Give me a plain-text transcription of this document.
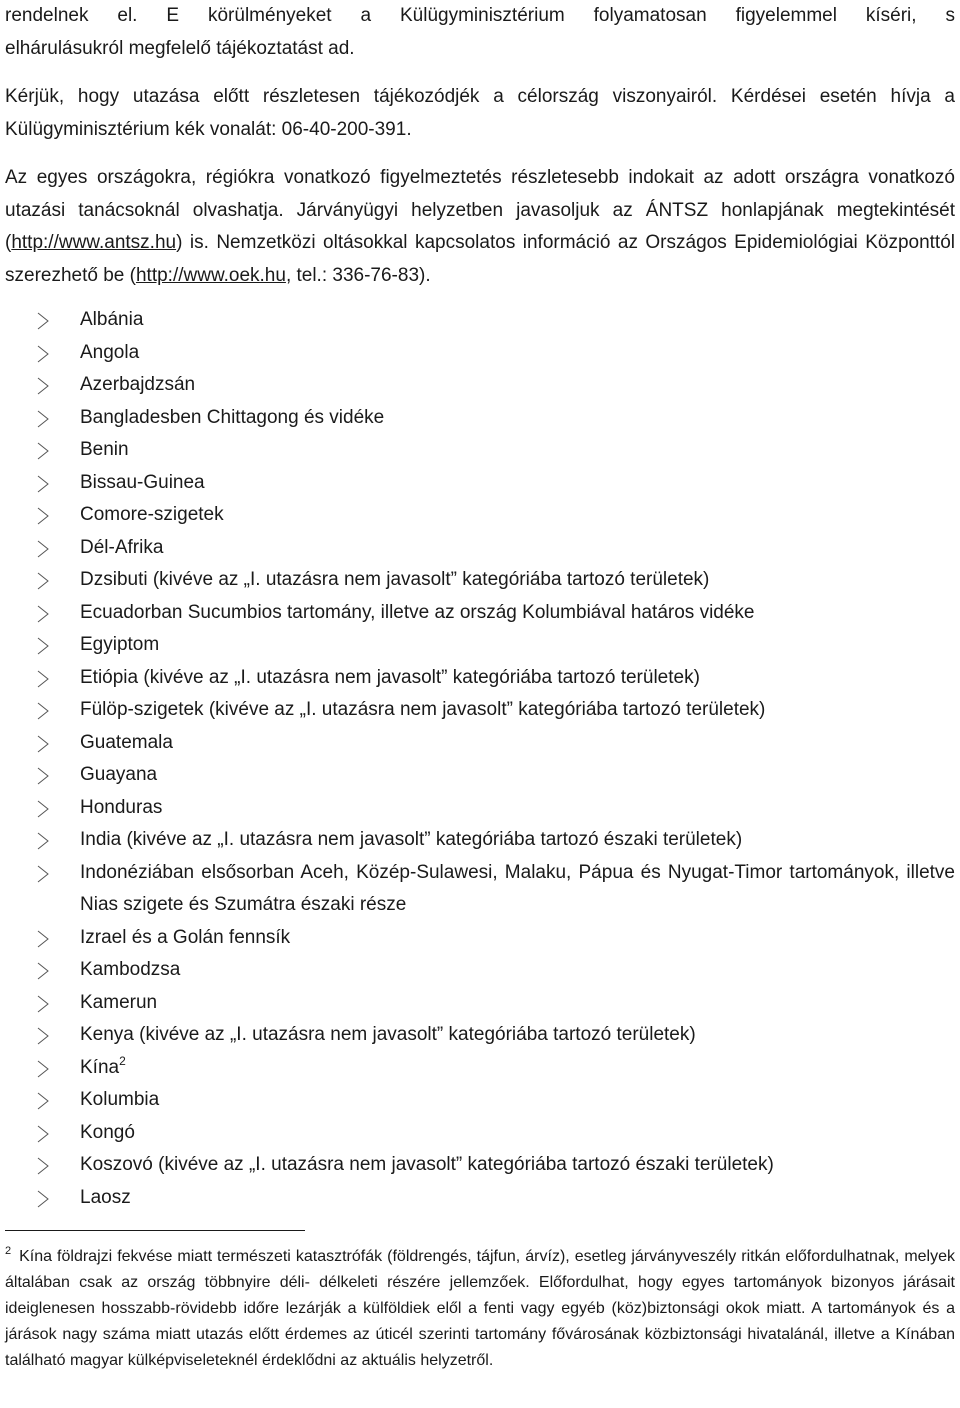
rendelnek el. E körülményeket a Külügyminisztérium folyamatosan figyelemmel kíséri, s

elhárulásukról megfelelő tájékoztatást ad.

Kérjük, hogy utazása előtt részletesen tájékozódjék a célország viszonyairól. Kérdései esetén hívja a

Külügyminisztérium kék vonalát: 06-40-200-391.

Az egyes országokra, régiókra vonatkozó figyelmeztetés részletesebb indokait az adott országra vonatkozó utazási tanácsoknál olvashatja. Járványügyi helyzetben javasoljuk az ÁNTSZ honlapjának megtekintését (http://www.antsz.hu) is. Nemzetközi oltásokkal kapcsolatos információ az Országos Epidemiológiai Központtól szerezhető be (http://www.oek.hu, tel.: 336-76-83).

Albánia
Angola
Azerbajdzsán
Bangladesben Chittagong és vidéke
Benin
Bissau-Guinea
Comore-szigetek
Dél-Afrika
Dzsibuti (kivéve az „I. utazásra nem javasolt” kategóriába tartozó területek)
Ecuadorban Sucumbios tartomány, illetve az ország Kolumbiával határos vidéke
Egyiptom
Etiópia (kivéve az „I. utazásra nem javasolt” kategóriába tartozó területek)
Fülöp-szigetek (kivéve az „I. utazásra nem javasolt” kategóriába tartozó területek)
Guatemala
Guayana
Honduras
India (kivéve az „I. utazásra nem javasolt” kategóriába tartozó északi területek)
Indonéziában elsősorban Aceh, Közép-Sulawesi, Malaku, Pápua és Nyugat-Timor tartományok, illetve Nias szigete és Szumátra északi része
Izrael és a Golán fennsík
Kambodzsa
Kamerun
Kenya (kivéve az „I. utazásra nem javasolt” kategóriába tartozó területek)
Kína$^2$
Kolumbia
Kongó
Koszovó (kivéve az „I. utazásra nem javasolt” kategóriába tartozó északi területek)
Laosz

$^2$ Kína földrajzi fekvése miatt természeti katasztrófák (földrengés, tájfun, árvíz), esetleg járványveszély ritkán előfordulhatnak, melyek általában csak az ország többnyire déli- délkeleti részére jellemzőek. Előfordulhat, hogy egyes tartományok bizonyos járásait ideiglenesen hosszabb-rövidebb időre lezárják a külföldiek elől a fenti vagy egyéb (köz)biztonsági okok miatt. A tartományok és a járások nagy száma miatt utazás előtt érdemes az úticél szerinti tartomány fővárosának közbiztonsági hivatalánál, illetve a Kínában található magyar külképviseleteknél érdeklődni az aktuális helyzetről.
